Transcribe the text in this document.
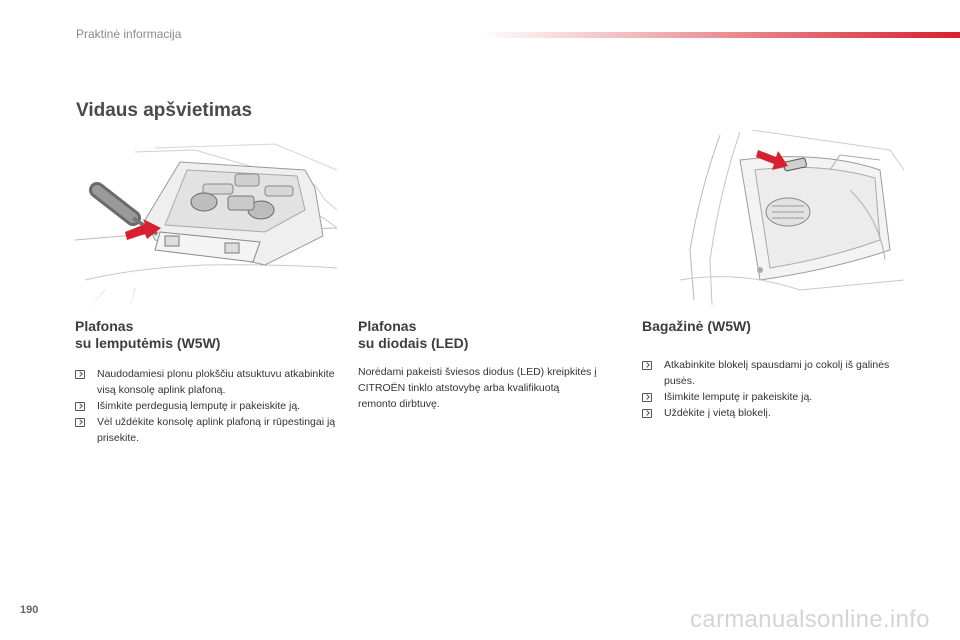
Praktinė informacija
Vidaus apšvietimas
Plafonas
su lemputėmis (W5W)
Naudodamiesi plonu plokščiu atsuktuvu atkabinkite visą konsolę aplink plafoną.
Išimkite perdegusią lemputę ir pakeiskite ją.
Vėl uždėkite konsolę aplink plafoną ir rūpestingai ją prisekite.
Plafonas
su diodais (LED)

Norėdami pakeisti šviesos diodus (LED) kreipkitės į CITROËN tinklo atstovybę arba kvalifikuotą remonto dirbtuvę.

Bagažinė (W5W)
Atkabinkite blokelį spausdami jo cokolį iš galinės pusės.
Išimkite lemputę ir pakeiskite ją.
Uždėkite į vietą blokelį.
190	carmanualsonline.info
